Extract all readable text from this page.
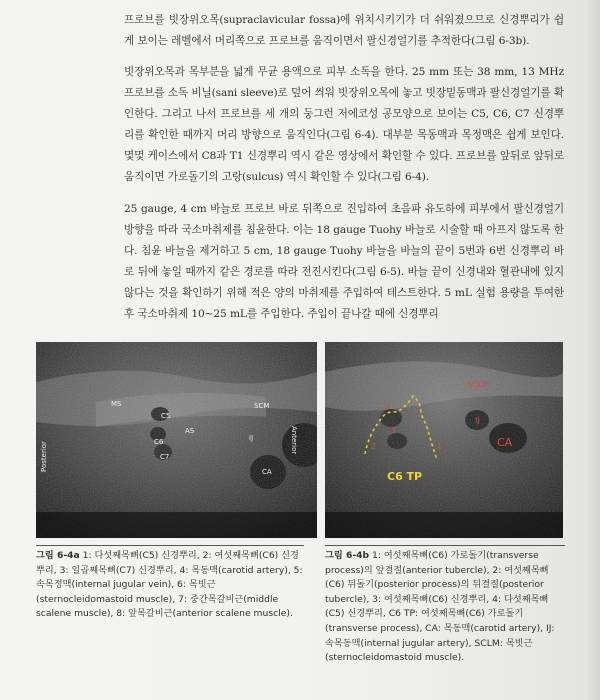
프로브를 빗장위오목(supraclavicular fossa)에 위치시키기가 더 쉬워졌으므로 신경뿌리가 쉽게 보이는 레벨에서 머리쪽으로 프로브를 움직이면서 팔신경얼기를 추적한다(그림 6-3b).

빗장위오목과 목부분을 넓게 무균 용액으로 피부 소독을 한다. 25 mm 또는 38 mm, 13 MHz 프로브를 소독 비닐(sani sleeve)로 덮어 씌워 빗장위오목에 놓고 빗장밑동맥과 팔신경얼기를 확인한다. 그리고 나서 프로브를 세 개의 둥그런 저에코성 공모양으로 보이는 C5, C6, C7 신경뿌리를 확인한 때까지 머리 방향으로 움직인다(그림 6-4). 대부분 목동맥과 목정맥은 쉽게 보인다. 몇몇 케이스에서 C8과 T1 신경뿌리 역시 같은 영상에서 확인할 수 있다. 프로브를 앞뒤로 앞뒤로 움직이면 가로돌기의 고랑(sulcus) 역시 확인할 수 있다(그림 6-4).

25 gauge, 4 cm 바늘로 프로브 바로 뒤쪽으로 진입하여 초음파 유도하에 피부에서 팔신경얼기 방향을 따라 국소마취제를 침윤한다. 이는 18 gauge Tuohy 바늘로 시술할 때 아프지 않도록 한다. 침윤 바늘을 제거하고 5 cm, 18 gauge Tuohy 바늘을 바늘의 끝이 5번과 6번 신경뿌리 바로 뒤에 놓일 때까지 같은 경로를 따라 전진시킨다(그림 6-5). 바늘 끝이 신경내와 혈관내에 있지 않다는 것을 확인하기 위해 적은 양의 마취제를 주입하여 테스트한다. 5 mL 실험 용량을 투여한 후 국소마취제 10~25 mL를 주입한다. 주입이 끝나갈 때에 신경뿌리

MS	SCM
C5
AS
C6
C7
IJ
CA
Posterior
Anterior
SCLM
4
IJ
3
2	1	CA
C6 TP

그림 6-4a 1: 다섯째목뼈(C5) 신경뿌리, 2: 여섯째목뼈(C6) 신경뿌리, 3: 일곱째목뼈(C7) 신경뿌리, 4: 목동맥(carotid artery), 5: 속목정맥(internal jugular vein), 6: 목빗근(sternocleidomastoid muscle), 7: 중간목갈비근(middle scalene muscle), 8: 앞목갈비근(anterior scalene muscle).

그림 6-4b 1: 여섯째목뼈(C6) 가로돌기(transverse process)의 앞결절(anterior tubercle), 2: 여섯째목뼈(C6) 뒤돌기(posterior process)의 뒤결절(posterior tubercle), 3: 여섯째목뼈(C6) 신경뿌리, 4: 다섯째목뼈(C5) 신경뿌리, C6 TP: 여섯째목뼈(C6) 가로돌기(transverse process), CA: 목동맥(carotid artery), IJ: 속목동맥(internal jugular artery), SCLM: 목빗근(sternocleidomastoid muscle).
